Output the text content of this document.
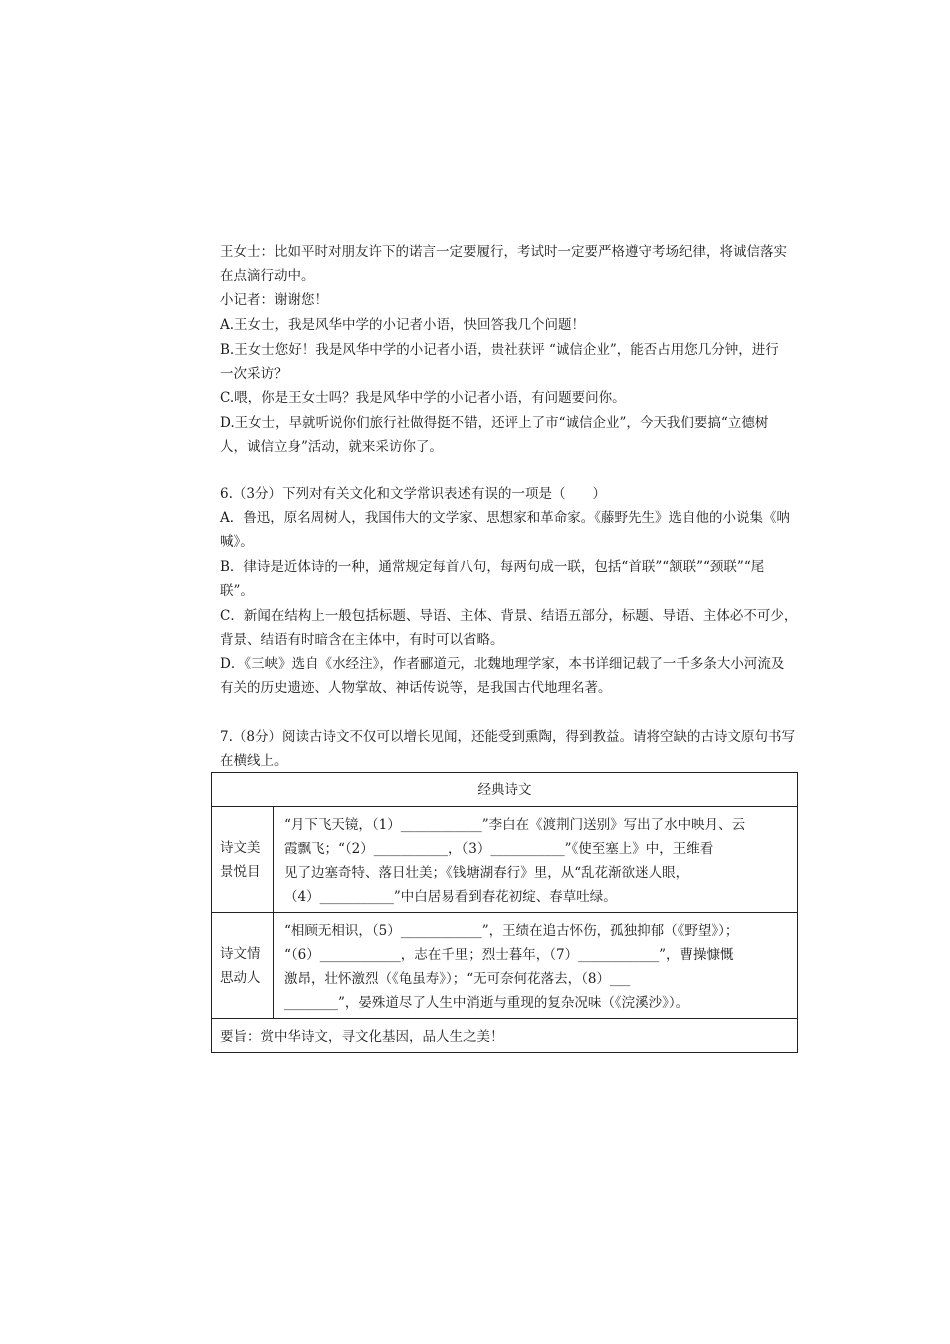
王女士：比如平时对朋友许下的诺言一定要履行，考试时一定要严格遵守考场纪律，将诚信落实
在点滴行动中。
小记者：谢谢您！
A.王女士，我是风华中学的小记者小语，快回答我几个问题！
B.王女士您好！我是风华中学的小记者小语，贵社获评 “诚信企业”，能否占用您几分钟，进行
一次采访？
C.喂，你是王女士吗？我是风华中学的小记者小语，有问题要问你。
D.王女士，早就听说你们旅行社做得挺不错，还评上了市“诚信企业”，今天我们要搞“立德树
人，诚信立身”活动，就来采访你了。
6.（3分）下列对有关文化和文学常识表述有误的一项是（　　）
A．鲁迅，原名周树人，我国伟大的文学家、思想家和革命家。《藤野先生》选自他的小说集《呐
喊》。
B．律诗是近体诗的一种，通常规定每首八句，每两句成一联，包括“首联”“颔联”“颈联”“尾
联”。
C．新闻在结构上一般包括标题、导语、主体、背景、结语五部分，标题、导语、主体必不可少，
背景、结语有时暗含在主体中，有时可以省略。
D．《三峡》选自《水经注》，作者郦道元，北魏地理学家，本书详细记载了一千多条大小河流及
有关的历史遗迹、人物掌故、神话传说等，是我国古代地理名著。
7.（8分）阅读古诗文不仅可以增长见闻，还能受到熏陶，得到教益。请将空缺的古诗文原句书写
在横线上。
经典诗文
诗文美
景悦目
“月下飞天镜，（1）____________”李白在《渡荆门送别》写出了水中映月、云
霞飘飞；“（2）___________，（3）___________”《使至塞上》中，王维看
见了边塞奇特、落日壮美；《钱塘湖春行》里，从“乱花渐欲迷人眼，
（4）___________”中白居易看到春花初绽、春草吐绿。
诗文情
思动人
“相顾无相识，（5）____________”，王绩在追古怀伤，孤独抑郁（《野望》）；
“（6）____________，志在千里；烈士暮年，（7）____________”，曹操慷慨
激昂，壮怀激烈（《龟虽寿》）；“无可奈何花落去，（8）___
________”，晏殊道尽了人生中消逝与重现的复杂况味（《浣溪沙》）。
要旨：赏中华诗文，寻文化基因，品人生之美！
